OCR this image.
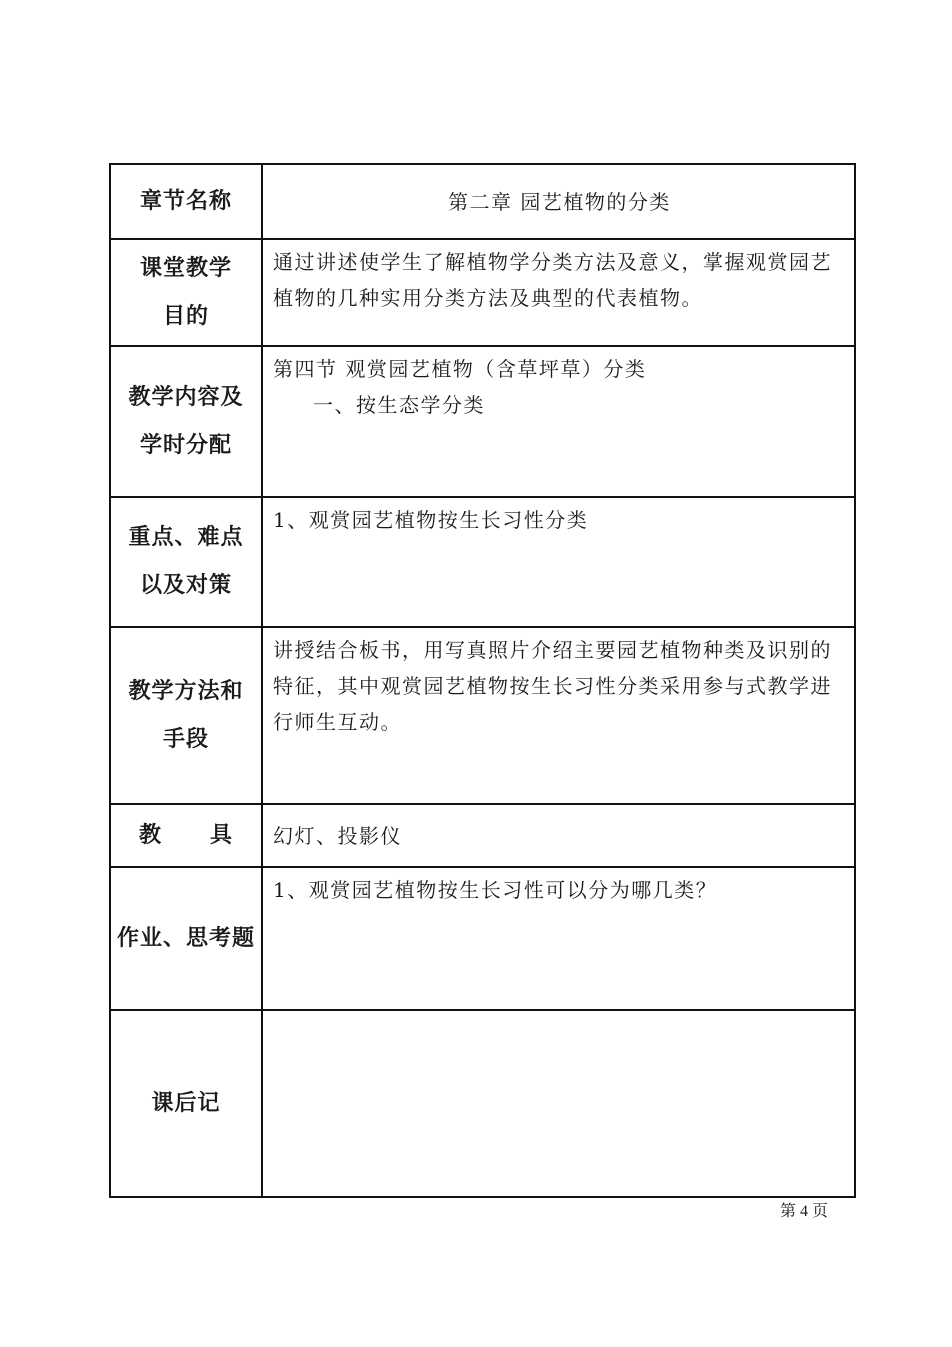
章节名称	第二章 园艺植物的分类

课堂教学
目的	通过讲述使学生了解植物学分类方法及意义，掌握观赏园艺植物的几种实用分类方法及典型的代表植物。

教学内容及
学时分配	第四节 观赏园艺植物（含草坪草）分类
一、按生态学分类

重点、难点
以及对策	1、观赏园艺植物按生长习性分类

教学方法和
手段	讲授结合板书，用写真照片介绍主要园艺植物种类及识别的特征，其中观赏园艺植物按生长习性分类采用参与式教学进行师生互动。
教 具	幻灯、投影仪
作业、思考题	1、观赏园艺植物按生长习性可以分为哪几类？
课后记	
第 4 页
